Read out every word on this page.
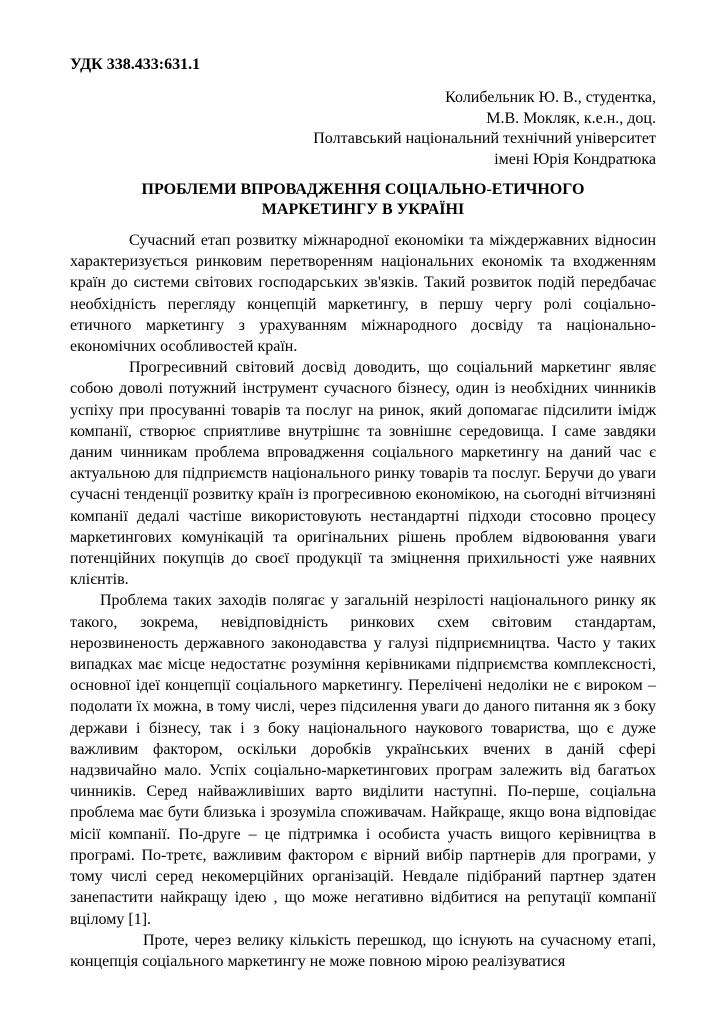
УДК 338.433:631.1
Колибельник Ю. В., студентка,
М.В. Мокляк, к.е.н., доц.
Полтавський національний технічний університет
імені Юрія Кондратюка
ПРОБЛЕМИ ВПРОВАДЖЕННЯ СОЦІАЛЬНО-ЕТИЧНОГО
МАРКЕТИНГУ В УКРАЇНІ

Сучасний етап розвитку міжнародної економіки та міждержавних відносин характеризується ринковим перетворенням національних економік та входженням країн до системи світових господарських зв'язків. Такий розвиток подій передбачає необхідність перегляду концепцій маркетингу, в першу чергу ролі соціально-етичного маркетингу з урахуванням міжнародного досвіду та національно-економічних особливостей країн.

Прогресивний світовий досвід доводить, що соціальний маркетинг являє собою доволі потужний інструмент сучасного бізнесу, один із необхідних чинників успіху при просуванні товарів та послуг на ринок, який допомагає підсилити імідж компанії, створює сприятливе внутрішнє та зовнішнє середовища. І саме завдяки даним чинникам проблема впровадження соціального маркетингу на даний час є актуальною для підприємств національного ринку товарів та послуг. Беручи до уваги сучасні тенденції розвитку країн із прогресивною економікою, на сьогодні вітчизняні компанії дедалі частіше використовують нестандартні підходи стосовно процесу маркетингових комунікацій та оригінальних рішень проблем відвоювання уваги потенційних покупців до своєї продукції та зміцнення прихильності уже наявних клієнтів.

Проблема таких заходів полягає у загальній незрілості національного ринку як такого, зокрема, невідповідність ринкових схем світовим стандартам, нерозвиненость державного законодавства у галузі підприємництва. Часто у таких випадках має місце недостатнє розуміння керівниками підприємства комплексності, основної ідеї концепції соціального маркетингу. Перелічені недоліки не є вироком – подолати їх можна, в тому числі, через підсилення уваги до даного питання як з боку держави і бізнесу, так і з боку національного наукового товариства, що є дуже важливим фактором, оскільки доробків українських вчених в даній сфері надзвичайно мало. Успіх соціально-маркетингових програм залежить від багатьох чинників. Серед найважливіших варто виділити наступні. По-перше, соціальна проблема має бути близька і зрозуміла споживачам. Найкраще, якщо вона відповідає місії компанії. По-друге – це підтримка і особиста участь вищого керівництва в програмі. По-третє, важливим фактором є вірний вибір партнерів для програми, у тому числі серед некомерційних організацій. Невдале підібраний партнер здатен занепастити найкращу ідею , що може негативно відбитися на репутації компанії вцілому [1].

Проте, через велику кількість перешкод, що існують на сучасному етапі, концепція соціального маркетингу не може повною мірою реалізуватися
